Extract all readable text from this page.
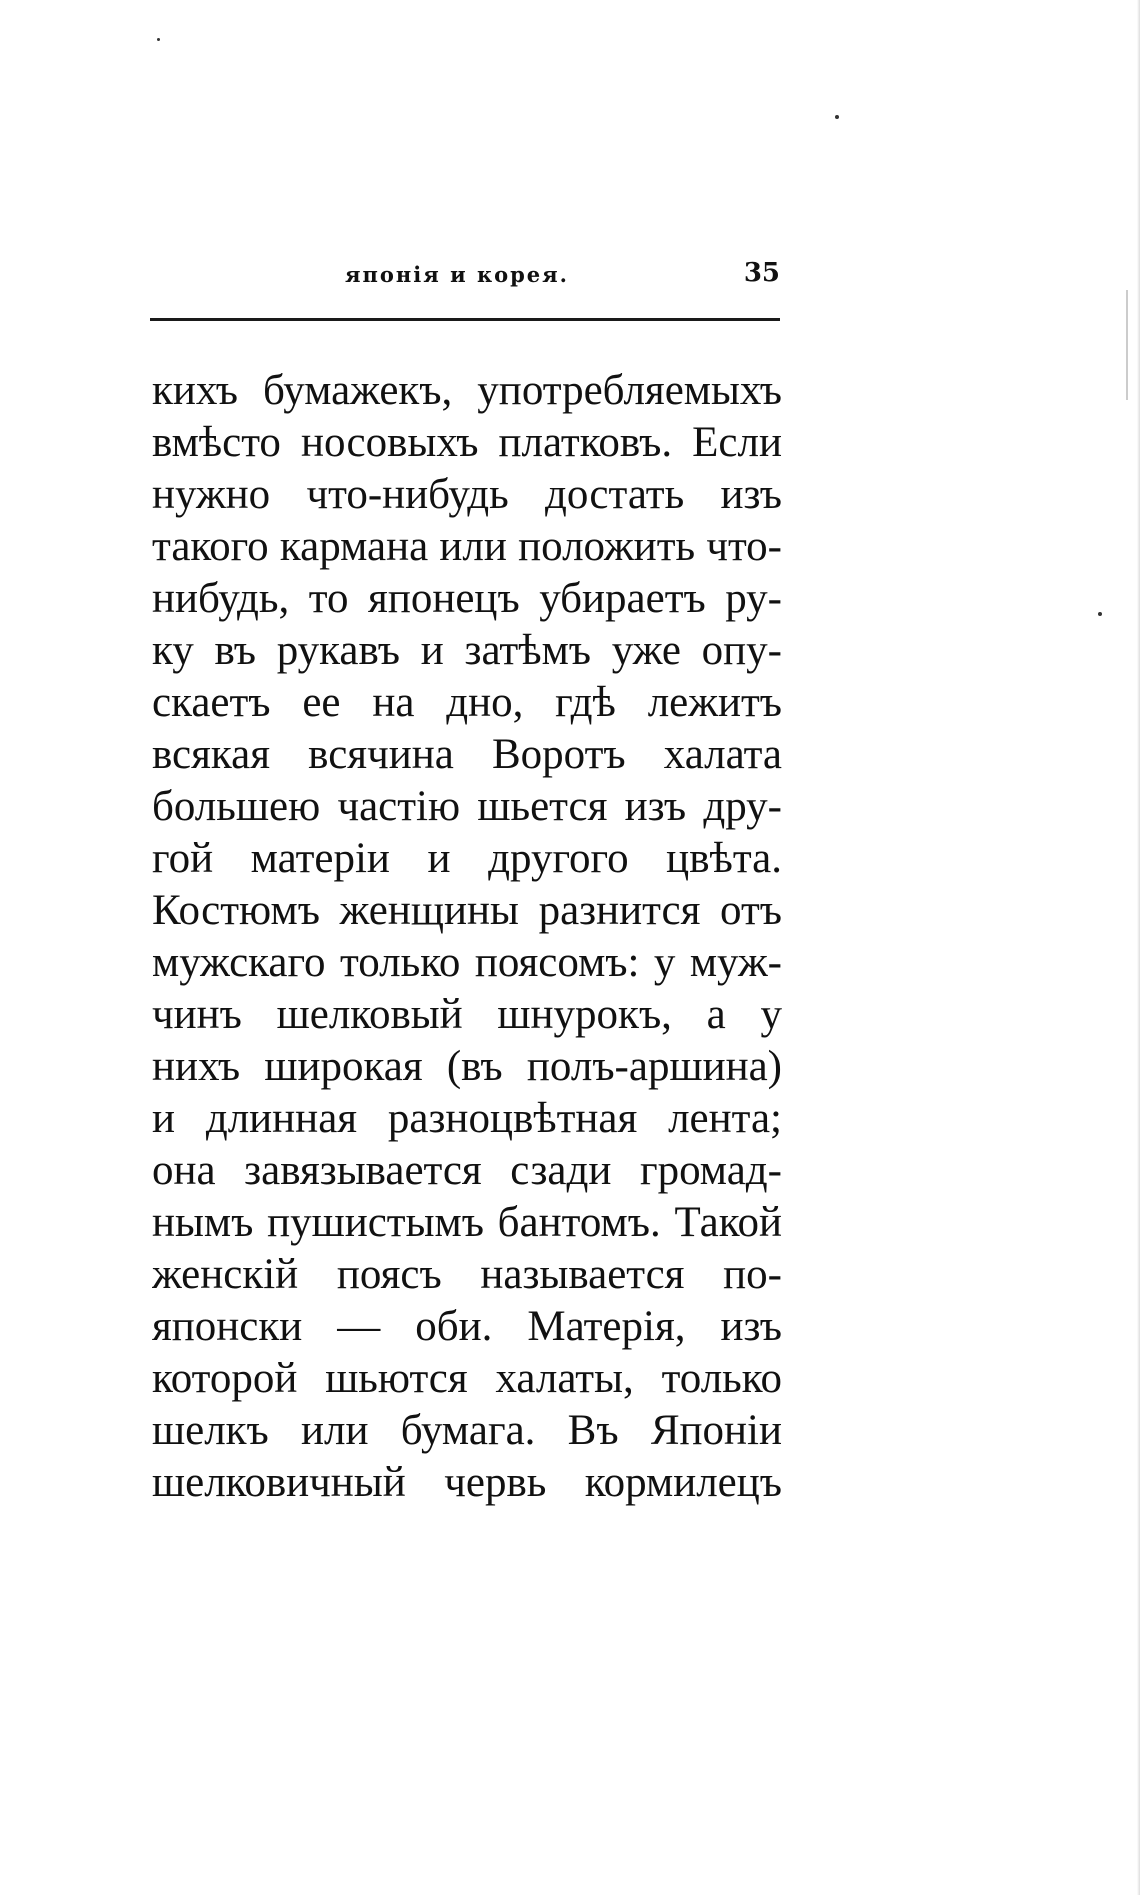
японія и корея.	35
кихъ бумажекъ, употребляемыхъ
вмѣсто носовыхъ платковъ. Если
нужно что-нибудь достать изъ
такого кармана или положить что-
нибудь, то японецъ убираетъ ру-
ку въ рукавъ и затѣмъ уже опу-
скаетъ ее на дно, гдѣ лежитъ
всякая всячина Воротъ халата
большею частію шьется изъ дру-
гой матеріи и другого цвѣта.
Костюмъ женщины разнится отъ
мужскаго только поясомъ: у муж-
чинъ шелковый шнурокъ, а у
нихъ широкая (въ полъ-аршина)
и длинная разноцвѣтная лента;
она завязывается сзади громад-
нымъ пушистымъ бантомъ. Такой
женскій поясъ называется по-
японски — оби. Матерія, изъ
которой шьются халаты, только
шелкъ или бумага. Въ Японіи
шелковичный червь кормилецъ
